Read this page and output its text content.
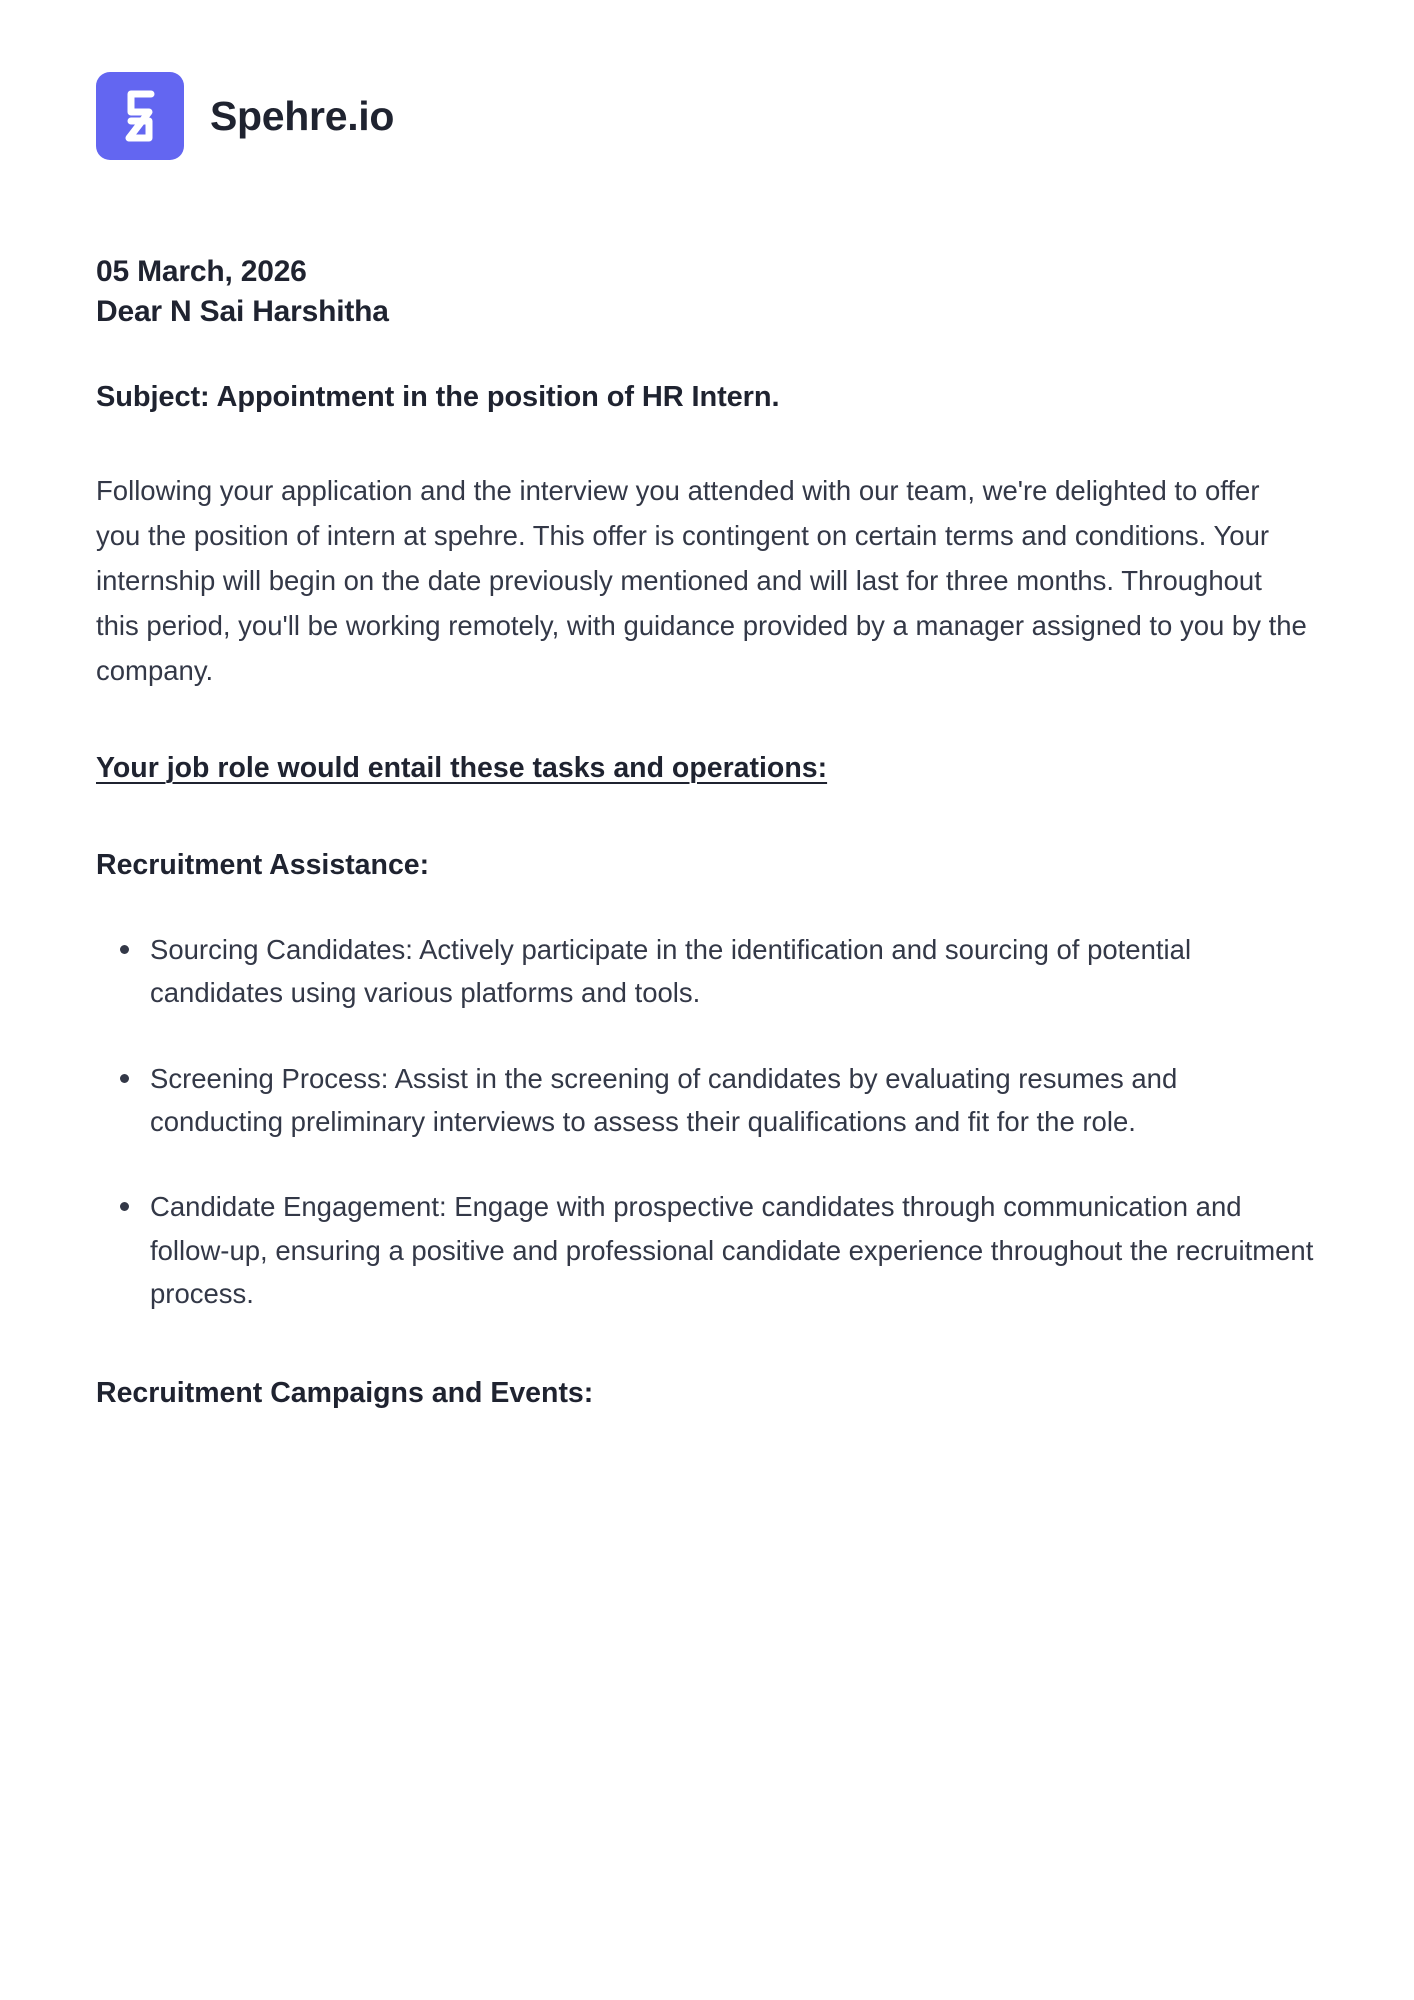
Spehre.io
05 March, 2026
Dear N Sai Harshitha
Subject: Appointment in the position of HR Intern.

Following your application and the interview you attended with our team, we're delighted to offer you the position of intern at spehre. This offer is contingent on certain terms and conditions. Your internship will begin on the date previously mentioned and will last for three months. Throughout this period, you'll be working remotely, with guidance provided by a manager assigned to you by the company.

Your job role would entail these tasks and operations:
Recruitment Assistance:
Sourcing Candidates: Actively participate in the identification and sourcing of potential candidates using various platforms and tools.
Screening Process: Assist in the screening of candidates by evaluating resumes and conducting preliminary interviews to assess their qualifications and fit for the role.
Candidate Engagement: Engage with prospective candidates through communication and follow-up, ensuring a positive and professional candidate experience throughout the recruitment process.
Recruitment Campaigns and Events:
